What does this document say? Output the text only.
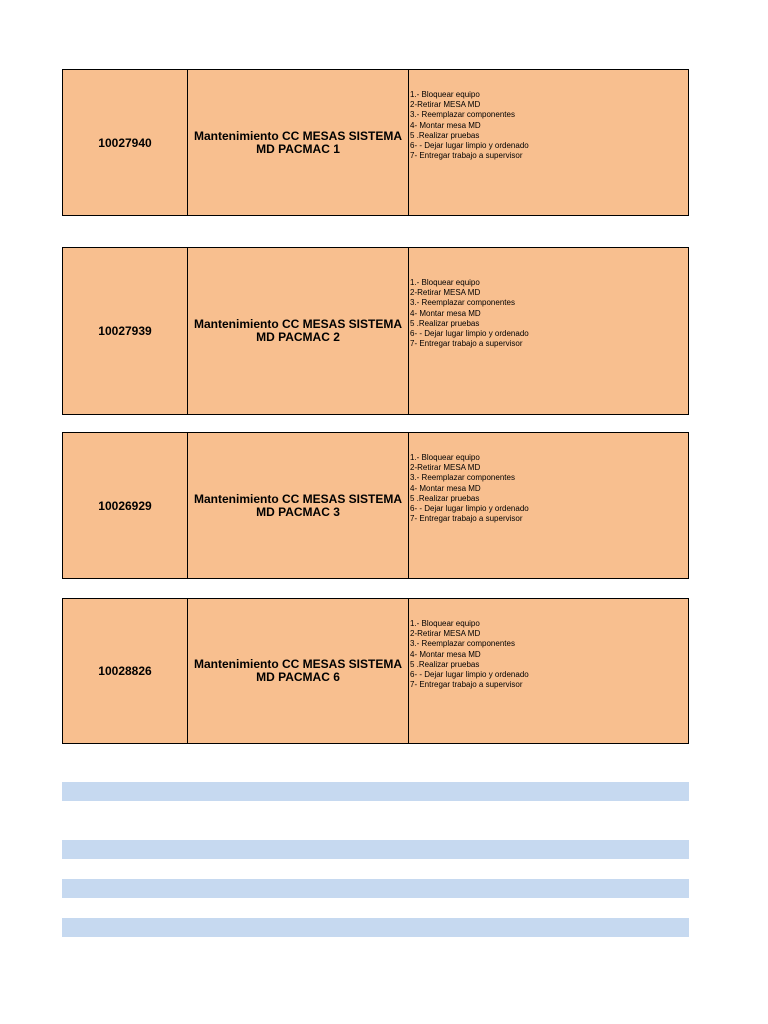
10027940	Mantenimiento CC MESAS SISTEMA
MD PACMAC 1
1.- Bloquear equipo
2-Retirar MESA MD
3.- Reemplazar componentes
4- Montar mesa MD
5 .Realizar pruebas
6- - Dejar lugar limpio y ordenado
7- Entregar trabajo a supervisor
10027939	Mantenimiento CC MESAS SISTEMA
MD PACMAC 2
1.- Bloquear equipo
2-Retirar MESA MD
3.- Reemplazar componentes
4- Montar mesa MD
5 .Realizar pruebas
6- - Dejar lugar limpio y ordenado
7- Entregar trabajo a supervisor
10026929	Mantenimiento CC MESAS SISTEMA
MD PACMAC 3
1.- Bloquear equipo
2-Retirar MESA MD
3.- Reemplazar componentes
4- Montar mesa MD
5 .Realizar pruebas
6- - Dejar lugar limpio y ordenado
7- Entregar trabajo a supervisor
10028826	Mantenimiento CC MESAS SISTEMA
MD PACMAC 6
1.- Bloquear equipo
2-Retirar MESA MD
3.- Reemplazar componentes
4- Montar mesa MD
5 .Realizar pruebas
6- - Dejar lugar limpio y ordenado
7- Entregar trabajo a supervisor
